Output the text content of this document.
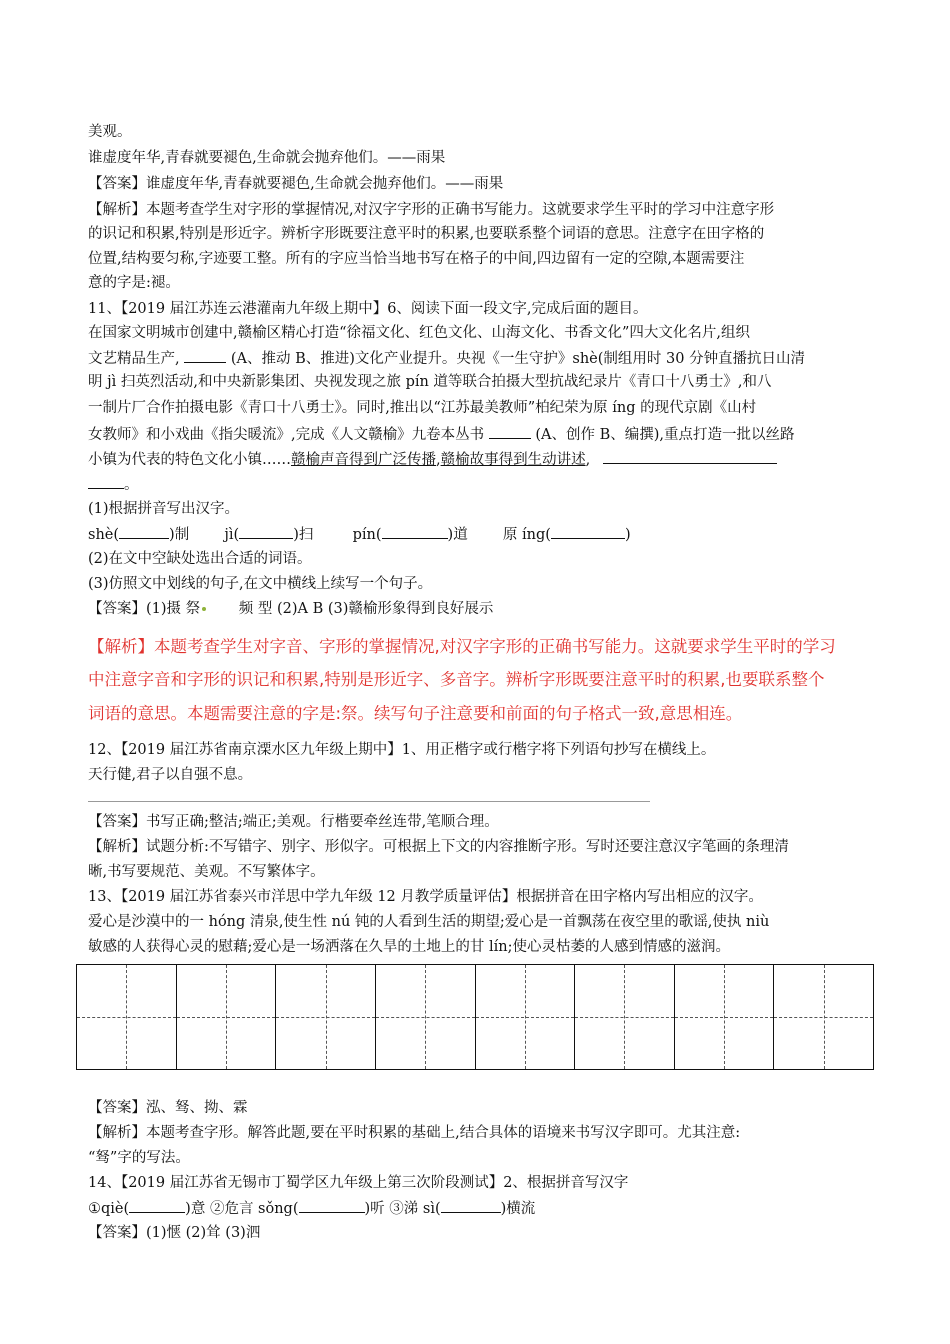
美观。
谁虚度年华,青春就要褪色,生命就会抛弃他们。——雨果
【答案】谁虚度年华,青春就要褪色,生命就会抛弃他们。——雨果
【解析】本题考查学生对字形的掌握情况,对汉字字形的正确书写能力。这就要求学生平时的学习中注意字形
的识记和积累,特别是形近字。辨析字形既要注意平时的积累,也要联系整个词语的意思。注意字在田字格的
位置,结构要匀称,字迹要工整。所有的字应当恰当地书写在格子的中间,四边留有一定的空隙,本题需要注
意的字是:褪。
11、【2019 届江苏连云港灌南九年级上期中】6、阅读下面一段文字,完成后面的题目。
在国家文明城市创建中,赣榆区精心打造“徐福文化、红色文化、山海文化、书香文化”四大文化名片,组织
文艺精品生产,	(A、推动 B、推进)文化产业提升。央视《一生守护》shè(制组用时 30 分钟直播抗日山清
明 jì 扫英烈活动,和中央新影集团、央视发现之旅 pín 道等联合拍摄大型抗战纪录片《青口十八勇士》,和八
一制片厂合作拍摄电影《青口十八勇士》。同时,推出以“江苏最美教师”柏纪荣为原 íng 的现代京剧《山村
女教师》和小戏曲《指尖暖流》,完成《人文赣榆》九卷本丛书	(A、创作 B、编撰),重点打造一批以丝路
小镇为代表的特色文化小镇……赣榆声音得到广泛传播,赣榆故事得到生动讲述,
。
(1)根据拼音写出汉字。
shè(	)制 jì(	)扫	pín(	)道 原 íng(	)
(2)在文中空缺处选出合适的词语。
(3)仿照文中划线的句子,在文中横线上续写一个句子。
【答案】(1)摄 祭	频 型 (2)A B (3)赣榆形象得到良好展示
【解析】本题考查学生对字音、字形的掌握情况,对汉字字形的正确书写能力。这就要求学生平时的学习
中注意字音和字形的识记和积累,特别是形近字、多音字。辨析字形既要注意平时的积累,也要联系整个
词语的意思。本题需要注意的字是:祭。续写句子注意要和前面的句子格式一致,意思相连。
12、【2019 届江苏省南京溧水区九年级上期中】1、用正楷字或行楷字将下列语句抄写在横线上。
天行健,君子以自强不息。
【答案】书写正确;整洁;端正;美观。行楷要牵丝连带,笔顺合理。
【解析】试题分析:不写错字、别字、形似字。可根据上下文的内容推断字形。写时还要注意汉字笔画的条理清
晰,书写要规范、美观。不写繁体字。
13、【2019 届江苏省泰兴市洋思中学九年级 12 月教学质量评估】根据拼音在田字格内写出相应的汉字。
爱心是沙漠中的一 hóng 清泉,使生性 nú 钝的人看到生活的期望;爱心是一首飘荡在夜空里的歌谣,使执 niù
敏感的人获得心灵的慰藉;爱心是一场洒落在久旱的土地上的甘 lín;使心灵枯萎的人感到情感的滋润。
【答案】泓、驽、拗、霖
【解析】本题考查字形。解答此题,要在平时积累的基础上,结合具体的语境来书写汉字即可。尤其注意:
“驽”字的写法。
14、【2019 届江苏省无锡市丁蜀学区九年级上第三次阶段测试】2、根据拼音写汉字
①qiè(	)意 ②危言 sǒng(	)听 ③涕 sì(	)横流
【答案】(1)惬 (2)耸 (3)泗
